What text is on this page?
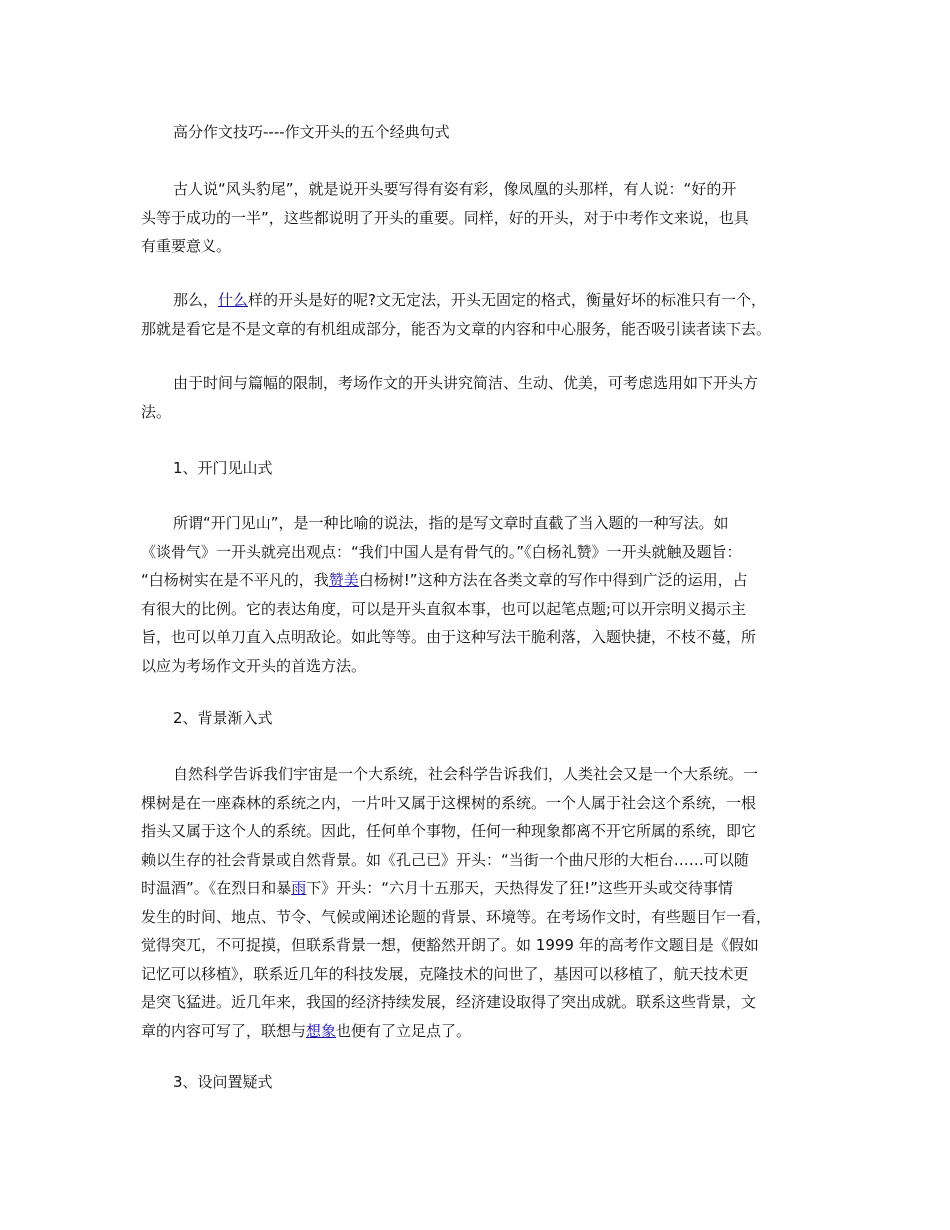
高分作文技巧----作文开头的五个经典句式
古人说“风头豹尾”，就是说开头要写得有姿有彩，像凤凰的头那样，有人说：“好的开
头等于成功的一半”，这些都说明了开头的重要。同样，好的开头，对于中考作文来说，也具
有重要意义。
那么，什么样的开头是好的呢?文无定法，开头无固定的格式，衡量好坏的标准只有一个，
那就是看它是不是文章的有机组成部分，能否为文章的内容和中心服务，能否吸引读者读下去。
由于时间与篇幅的限制，考场作文的开头讲究简洁、生动、优美，可考虑选用如下开头方
法。
1、开门见山式
所谓“开门见山”，是一种比喻的说法，指的是写文章时直截了当入题的一种写法。如
《谈骨气》一开头就亮出观点：“我们中国人是有骨气的。”《白杨礼赞》一开头就触及题旨：
“白杨树实在是不平凡的，我赞美白杨树!”这种方法在各类文章的写作中得到广泛的运用，占
有很大的比例。它的表达角度，可以是开头直叙本事，也可以起笔点题;可以开宗明义揭示主
旨，也可以单刀直入点明敌论。如此等等。由于这种写法干脆利落，入题快捷，不枝不蔓，所
以应为考场作文开头的首选方法。
2、背景渐入式
自然科学告诉我们宇宙是一个大系统，社会科学告诉我们，人类社会又是一个大系统。一
棵树是在一座森林的系统之内，一片叶又属于这棵树的系统。一个人属于社会这个系统，一根
指头又属于这个人的系统。因此，任何单个事物，任何一种现象都离不开它所属的系统，即它
赖以生存的社会背景或自然背景。如《孔己已》开头：“当街一个曲尺形的大柜台……可以随
时温酒”。《在烈日和暴雨下》开头：“六月十五那天，天热得发了狂!”这些开头或交待事情
发生的时间、地点、节令、气候或阐述论题的背景、环境等。在考场作文时，有些题目乍一看，
觉得突兀，不可捉摸，但联系背景一想，便豁然开朗了。如 1999 年的高考作文题目是《假如
记忆可以移植》，联系近几年的科技发展，克隆技术的问世了，基因可以移植了，航天技术更
是突飞猛进。近几年来，我国的经济持续发展，经济建设取得了突出成就。联系这些背景，文
章的内容可写了，联想与想象也便有了立足点了。
3、设问置疑式
